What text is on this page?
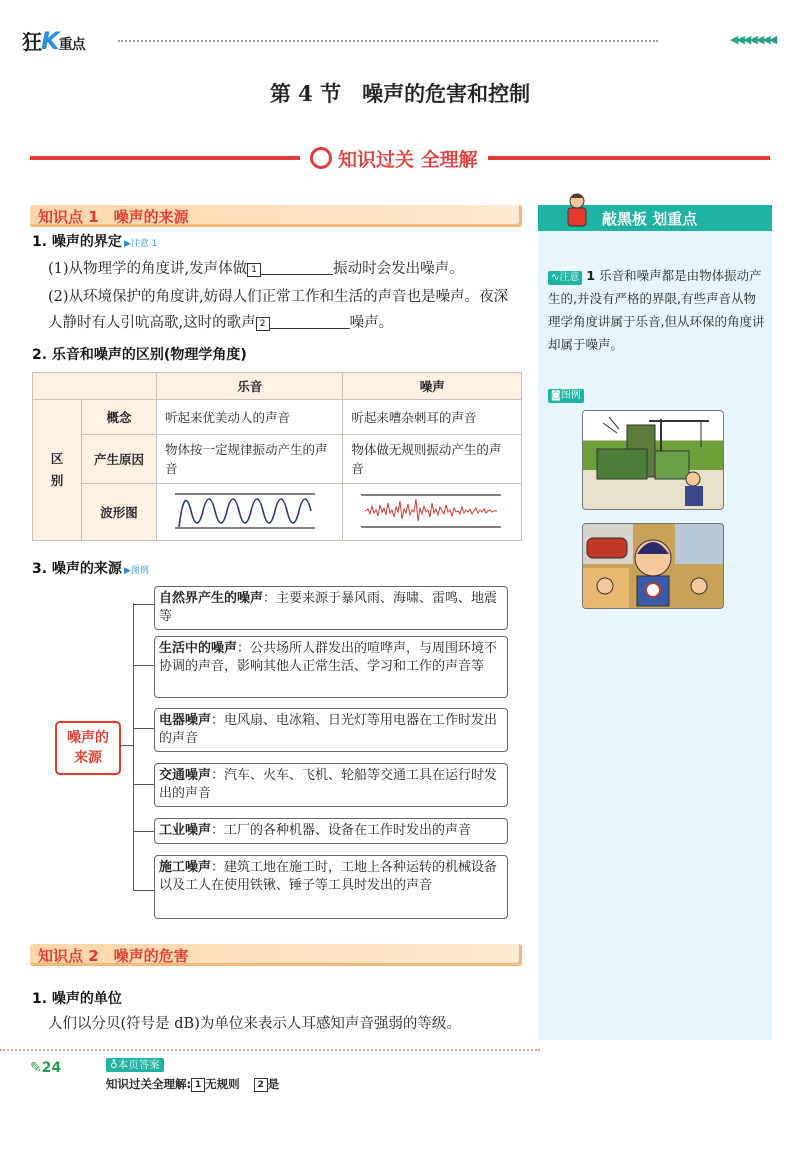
狂K重点	◀◀◀◀◀◀◀
第 4 节　噪声的危害和控制
知识过关 全理解
知识点 1　噪声的来源
1. 噪声的界定 ▶注意 1
(1)从物理学的角度讲,发声体做 1	振动时会发出噪声。
(2)从环境保护的角度讲,妨碍人们正常工作和生活的声音也是噪声。夜深人静时有人引吭高歌,这时的歌声 2	噪声。
2. 乐音和噪声的区别(物理学角度)
		乐音	噪声
区别	概念	听起来优美动人的声音	听起来嘈杂刺耳的声音
	产生原因	物体按一定规律振动产生的声音	物体做无规则振动产生的声音
	波形图		
3. 噪声的来源 ▶图例
噪声的来源
自然界产生的噪声：主要来源于暴风雨、海啸、雷鸣、地震等
生活中的噪声：公共场所人群发出的喧哗声，与周围环境不协调的声音，影响其他人正常生活、学习和工作的声音等
电器噪声：电风扇、电冰箱、日光灯等用电器在工作时发出的声音
交通噪声：汽车、火车、飞机、轮船等交通工具在运行时发出的声音
工业噪声：工厂的各种机器、设备在工作时发出的声音
施工噪声：建筑工地在施工时，工地上各种运转的机械设备以及工人在使用铁锹、锤子等工具时发出的声音
知识点 2　噪声的危害
1. 噪声的单位
人们以分贝(符号是 dB)为单位来表示人耳感知声音强弱的等级。
敲黑板 划重点
∿注意 1 乐音和噪声都是由物体振动产生的,并没有严格的界限,有些声音从物理学角度讲属于乐音,但从环保的角度讲却属于噪声。
◙图例
✎24	♁本页答案
知识过关全理解: 1 无规则 2 是
